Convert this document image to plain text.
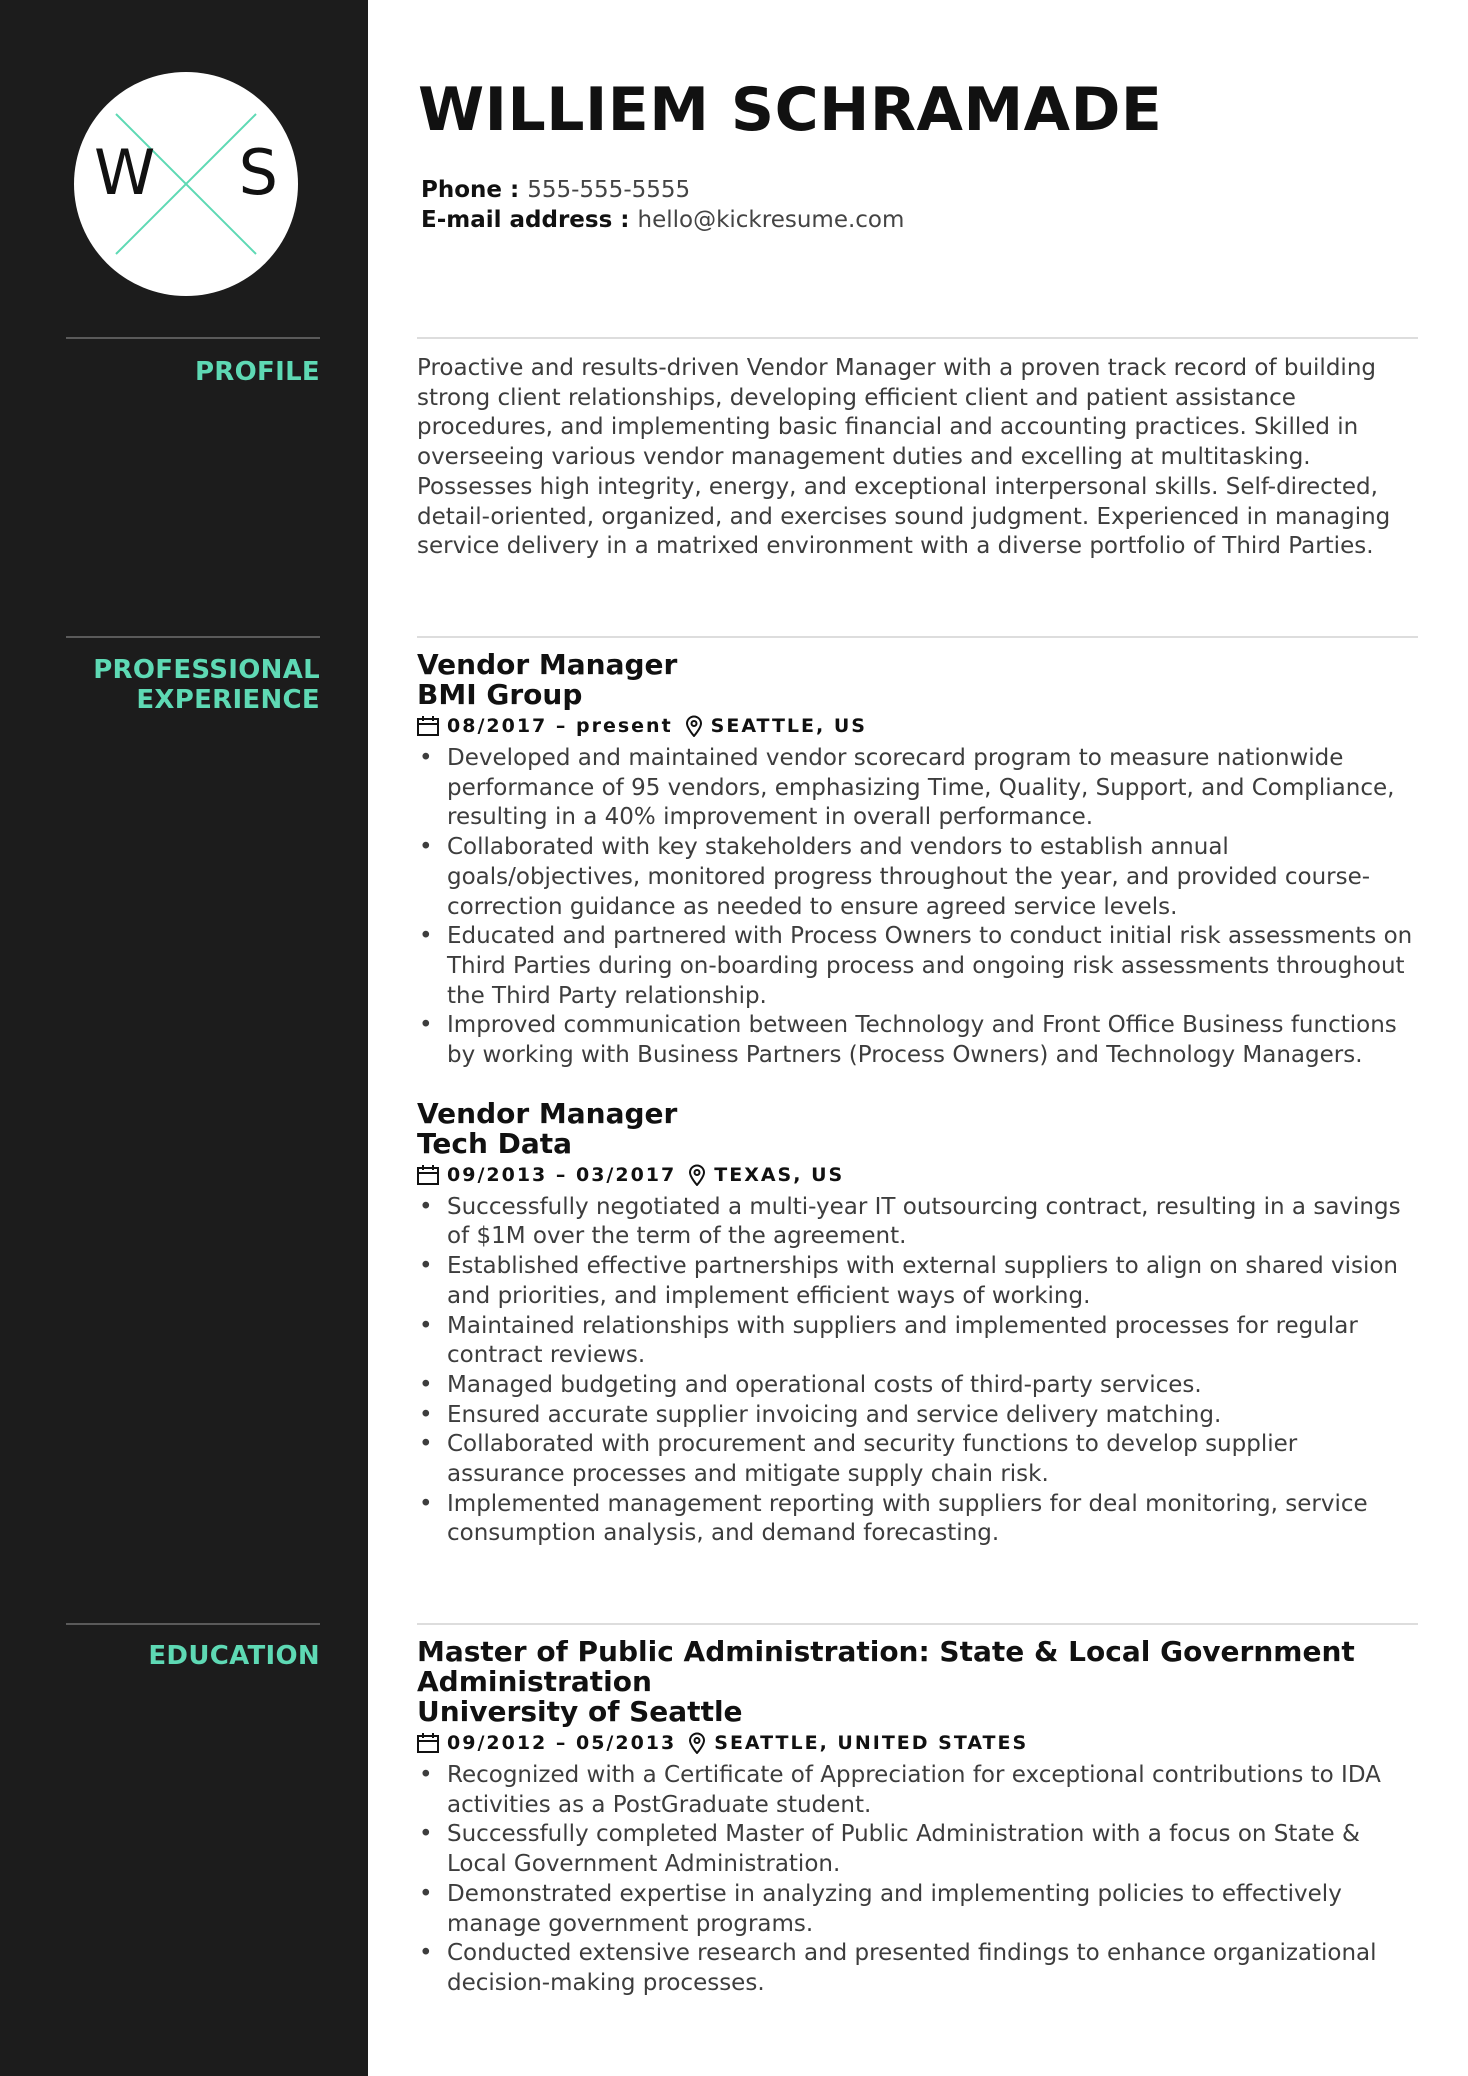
W S
PROFILE
PROFESSIONAL
EXPERIENCE
EDUCATION
WILLIEM SCHRAMADE
Phone : 555-555-5555
E-mail address : hello@kickresume.com

Proactive and results-driven Vendor Manager with a proven track record of building strong client relationships, developing efficient client and patient assistance procedures, and implementing basic financial and accounting practices. Skilled in overseeing various vendor management duties and excelling at multitasking. Possesses high integrity, energy, and exceptional interpersonal skills. Self-directed, detail-oriented, organized, and exercises sound judgment. Experienced in managing service delivery in a matrixed environment with a diverse portfolio of Third Parties.

Vendor Manager
BMI Group
08/2017 – present SEATTLE, US
• Developed and maintained vendor scorecard program to measure nationwide performance of 95 vendors, emphasizing Time, Quality, Support, and Compliance, resulting in a 40% improvement in overall performance.
• Collaborated with key stakeholders and vendors to establish annual goals/objectives, monitored progress throughout the year, and provided course-correction guidance as needed to ensure agreed service levels.
• Educated and partnered with Process Owners to conduct initial risk assessments on Third Parties during on-boarding process and ongoing risk assessments throughout the Third Party relationship.
• Improved communication between Technology and Front Office Business functions by working with Business Partners (Process Owners) and Technology Managers.
Vendor Manager
Tech Data
09/2013 – 03/2017 TEXAS, US
• Successfully negotiated a multi-year IT outsourcing contract, resulting in a savings of $1M over the term of the agreement.
• Established effective partnerships with external suppliers to align on shared vision and priorities, and implement efficient ways of working.
• Maintained relationships with suppliers and implemented processes for regular contract reviews.
• Managed budgeting and operational costs of third-party services.
• Ensured accurate supplier invoicing and service delivery matching.
• Collaborated with procurement and security functions to develop supplier assurance processes and mitigate supply chain risk.
• Implemented management reporting with suppliers for deal monitoring, service consumption analysis, and demand forecasting.
Master of Public Administration: State & Local Government Administration
University of Seattle
09/2012 – 05/2013 SEATTLE, UNITED STATES
• Recognized with a Certificate of Appreciation for exceptional contributions to IDA activities as a PostGraduate student.
• Successfully completed Master of Public Administration with a focus on State & Local Government Administration.
• Demonstrated expertise in analyzing and implementing policies to effectively manage government programs.
• Conducted extensive research and presented findings to enhance organizational decision-making processes.
